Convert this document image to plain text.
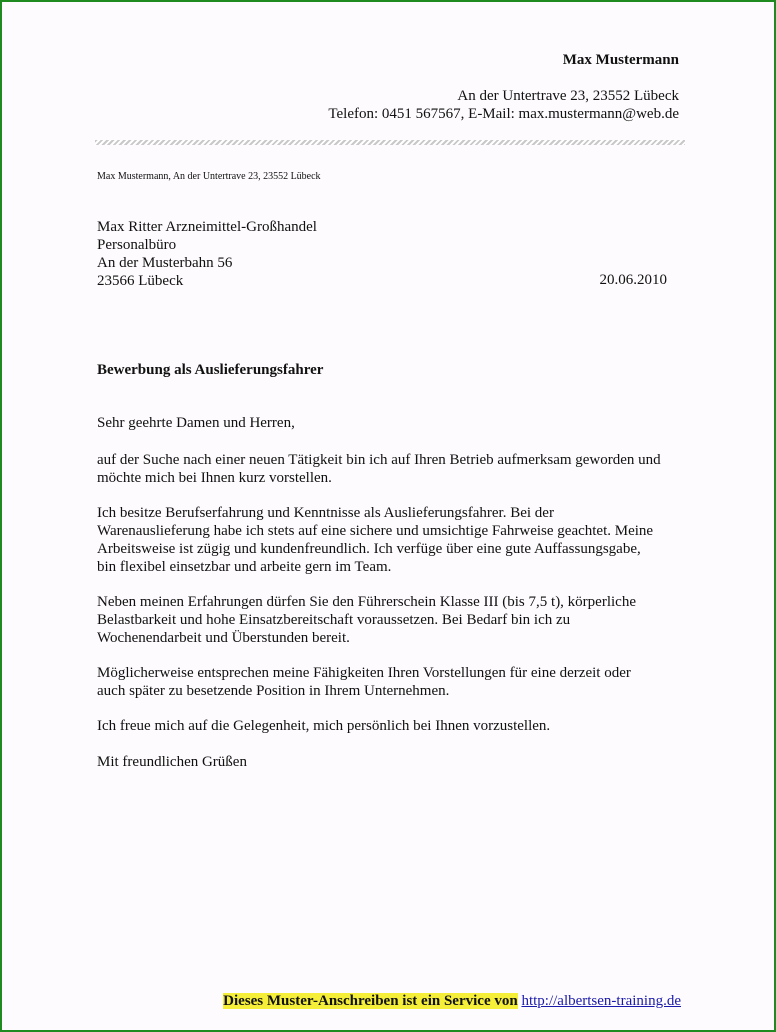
Max Mustermann
An der Untertrave 23, 23552 Lübeck
Telefon: 0451 567567, E-Mail: max.mustermann@web.de
Max Mustermann, An der Untertrave 23, 23552 Lübeck
Max Ritter Arzneimittel-Großhandel
Personalbüro
An der Musterbahn 56
23566 Lübeck	20.06.2010
Bewerbung als Auslieferungsfahrer
Sehr geehrte Damen und Herren,

auf der Suche nach einer neuen Tätigkeit bin ich auf Ihren Betrieb aufmerksam geworden und

möchte mich bei Ihnen kurz vorstellen.

Ich besitze Berufserfahrung und Kenntnisse als Auslieferungsfahrer. Bei der

Warenauslieferung habe ich stets auf eine sichere und umsichtige Fahrweise geachtet. Meine

Arbeitsweise ist zügig und kundenfreundlich. Ich verfüge über eine gute Auffassungsgabe,

bin flexibel einsetzbar und arbeite gern im Team.

Neben meinen Erfahrungen dürfen Sie den Führerschein Klasse III (bis 7,5 t), körperliche

Belastbarkeit und hohe Einsatzbereitschaft voraussetzen. Bei Bedarf bin ich zu

Wochenendarbeit und Überstunden bereit.

Möglicherweise entsprechen meine Fähigkeiten Ihren Vorstellungen für eine derzeit oder

auch später zu besetzende Position in Ihrem Unternehmen.

Ich freue mich auf die Gelegenheit, mich persönlich bei Ihnen vorzustellen.

Mit freundlichen Grüßen
Dieses Muster-Anschreiben ist ein Service von http://albertsen-training.de
